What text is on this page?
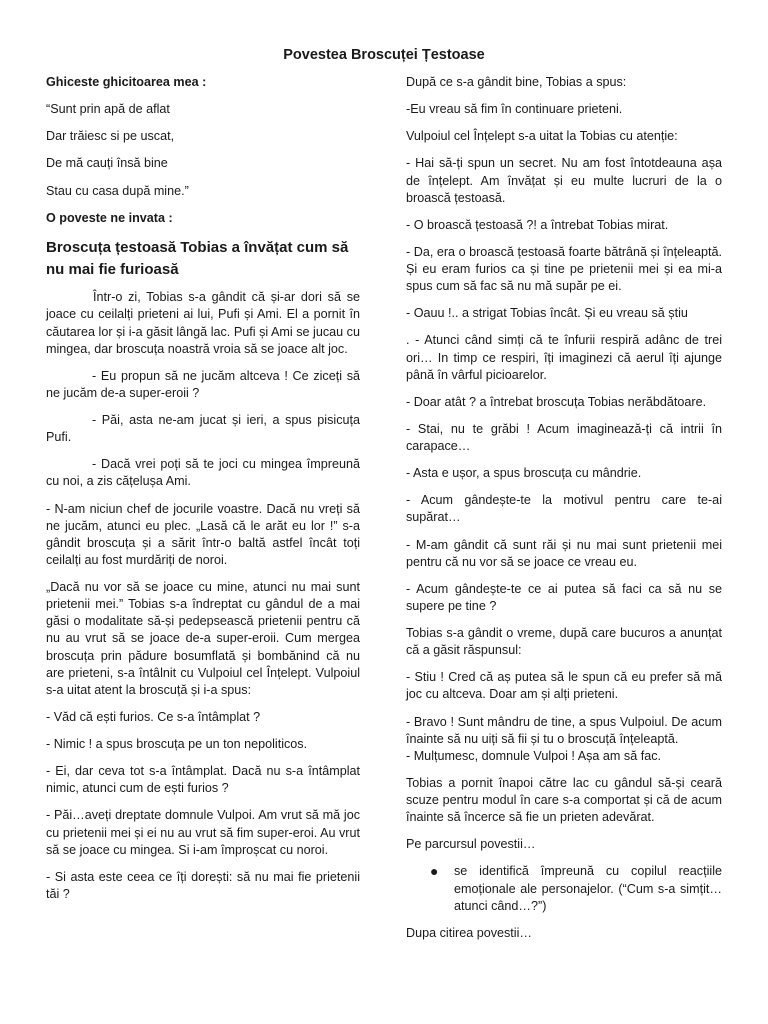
Povestea Broscuței Țestoase

Ghiceste ghicitoarea mea :

“Sunt prin apă de aflat

Dar trăiesc si pe uscat,

De mă cauți însă bine

Stau cu casa după mine.”

O poveste ne invata :

Broscuța țestoasă Tobias a învățat cum să nu mai fie furioasă

Într-o zi, Tobias s-a gândit că și-ar dori să se joace cu ceilalți prieteni ai lui, Pufi și Ami. El a pornit în căutarea lor și i-a găsit lângă lac. Pufi și Ami se jucau cu mingea, dar broscuța noastră vroia să se joace alt joc.

- Eu propun să ne jucăm altceva ! Ce ziceți să ne jucăm de-a super-eroii ?

- Păi, asta ne-am jucat și ieri, a spus pisicuța Pufi.

- Dacă vrei poți să te joci cu mingea împreună cu noi, a zis cățelușa Ami.

- N-am niciun chef de jocurile voastre. Dacă nu vreți să ne jucăm, atunci eu plec. „Lasă că le arăt eu lor !” s-a gândit broscuța și a sărit într-o baltă astfel încât toți ceilalți au fost murdăriți de noroi.

„Dacă nu vor să se joace cu mine, atunci nu mai sunt prietenii mei.” Tobias s-a îndreptat cu gândul de a mai găsi o modalitate să-și pedepsească prietenii pentru că nu au vrut să se joace de-a super-eroii. Cum mergea broscuța prin pădure bosumflată și bombănind că nu are prieteni, s-a întâlnit cu Vulpoiul cel Înțelept. Vulpoiul s-a uitat atent la broscuță și i-a spus:

- Văd că ești furios. Ce s-a întâmplat ?

- Nimic ! a spus broscuța pe un ton nepoliticos.

- Ei, dar ceva tot s-a întâmplat. Dacă nu s-a întâmplat nimic, atunci cum de ești furios ?

- Păi…aveți dreptate domnule Vulpoi. Am vrut să mă joc cu prietenii mei și ei nu au vrut să fim super-eroi. Au vrut să se joace cu mingea. Si i-am împroșcat cu noroi.

- Si asta este ceea ce îți dorești: să nu mai fie prietenii tăi ?

După ce s-a gândit bine, Tobias a spus:

-Eu vreau să fim în continuare prieteni.

Vulpoiul cel Înțelept s-a uitat la Tobias cu atenție:

- Hai să-ți spun un secret. Nu am fost întotdeauna așa de înțelept. Am învățat și eu multe lucruri de la o broască țestoasă.

- O broască țestoasă ?! a întrebat Tobias mirat.

- Da, era o broască țestoasă foarte bătrână și înțeleaptă. Și eu eram furios ca și tine pe prietenii mei și ea mi-a spus cum să fac să nu mă supăr pe ei.

- Oauu !.. a strigat Tobias încât. Și eu vreau să știu

. - Atunci când simți că te înfurii respiră adânc de trei ori… In timp ce respiri, îți imaginezi că aerul îți ajunge până în vârful picioarelor.

- Doar atât ? a întrebat broscuța Tobias nerăbdătoare.

- Stai, nu te grăbi ! Acum imaginează-ți că intrii în carapace…

- Asta e ușor, a spus broscuța cu mândrie.

- Acum gândește-te la motivul pentru care te-ai supărat…

- M-am gândit că sunt răi și nu mai sunt prietenii mei pentru că nu vor să se joace ce vreau eu.

- Acum gândește-te ce ai putea să faci ca să nu se supere pe tine ?

Tobias s-a gândit o vreme, după care bucuros a anunțat că a găsit răspunsul:

- Stiu ! Cred că aș putea să le spun că eu prefer să mă joc cu altceva. Doar am și alți prieteni.

- Bravo ! Sunt mândru de tine, a spus Vulpoiul. De acum înainte să nu uiți să fii și tu o broscuță înțeleaptă.
- Mulțumesc, domnule Vulpoi ! Așa am să fac.

Tobias a pornit înapoi către lac cu gândul să-și ceară scuze pentru modul în care s-a comportat și că de acum înainte să încerce să fie un prieten adevărat.

Pe parcursul povestii…

●	se identifică împreună cu copilul reacțiile emoționale ale personajelor. (“Cum s-a simțit… atunci când…?”)

Dupa citirea povestii…
